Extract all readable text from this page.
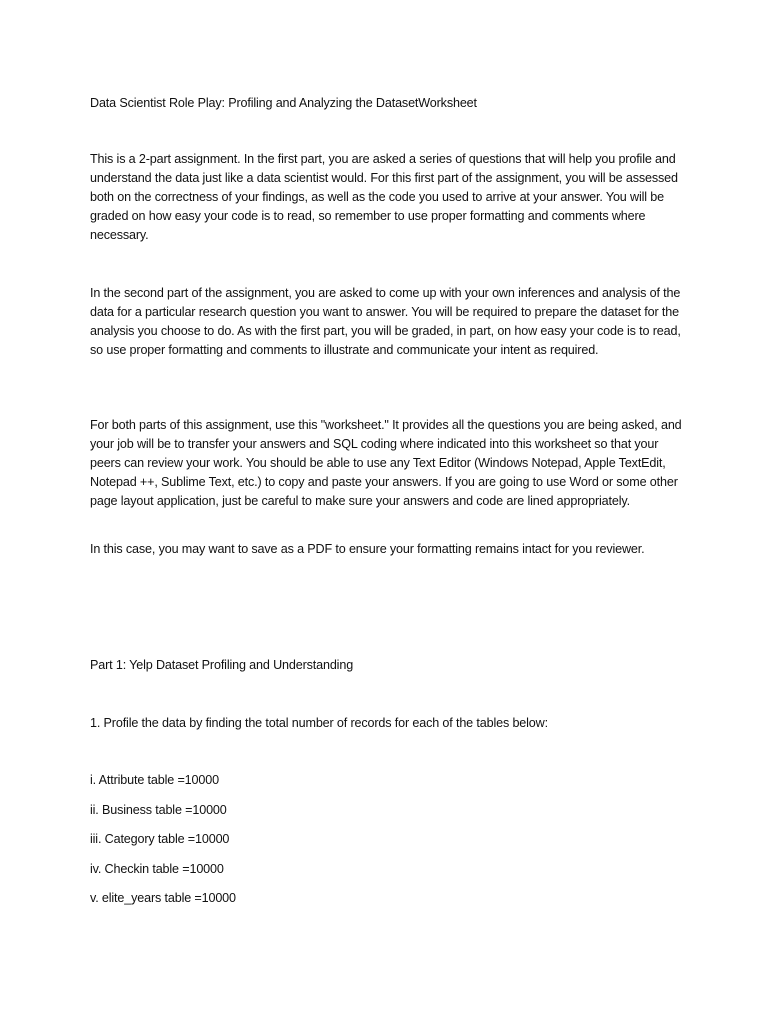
Data Scientist Role Play: Profiling and Analyzing the DatasetWorksheet

This is a 2-part assignment. In the first part, you are asked a series of questions that will help you profile and understand the data just like a data scientist would. For this first part of the assignment, you will be assessed both on the correctness of your findings, as well as the code you used to arrive at your answer. You will be graded on how easy your code is to read, so remember to use proper formatting and comments where necessary.

In the second part of the assignment, you are asked to come up with your own inferences and analysis of the data for a particular research question you want to answer. You will be required to prepare the dataset for the analysis you choose to do. As with the first part, you will be graded, in part, on how easy your code is to read, so use proper formatting and comments to illustrate and communicate your intent as required.

For both parts of this assignment, use this "worksheet." It provides all the questions you are being asked, and your job will be to transfer your answers and SQL coding where indicated into this worksheet so that your peers can review your work. You should be able to use any Text Editor (Windows Notepad, Apple TextEdit, Notepad ++, Sublime Text, etc.) to copy and paste your answers. If you are going to use Word or some other page layout application, just be careful to make sure your answers and code are lined appropriately.

In this case, you may want to save as a PDF to ensure your formatting remains intact for you reviewer.

Part 1: Yelp Dataset Profiling and Understanding

1. Profile the data by finding the total number of records for each of the tables below:

i. Attribute table =10000

ii. Business table =10000

iii. Category table =10000

iv. Checkin table =10000

v. elite_years table =10000
